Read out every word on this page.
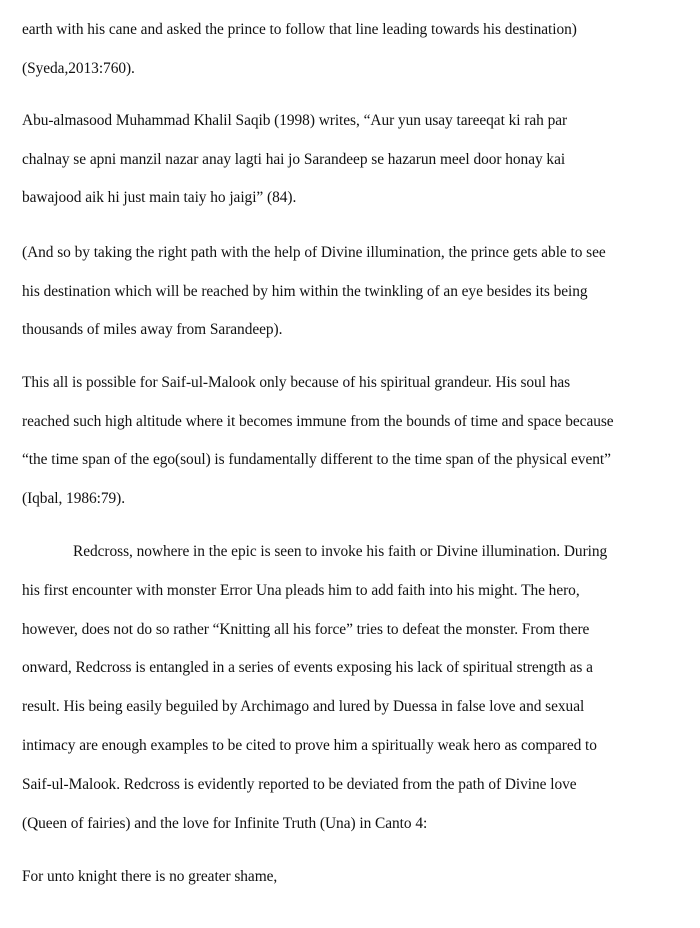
earth with his cane and asked the prince to follow that line leading towards his destination)
(Syeda,2013:760).
Abu-almasood Muhammad Khalil Saqib (1998) writes, “Aur yun usay tareeqat ki rah par
chalnay se apni manzil nazar anay lagti hai jo Sarandeep se hazarun meel door honay kai
bawajood aik hi just main taiy ho jaigi” (84).
(And so by taking the right path with the help of Divine illumination, the prince gets able to see
his destination which will be reached by him within the twinkling of an eye besides its being
thousands of miles away from Sarandeep).
This all is possible for Saif-ul-Malook only because of his spiritual grandeur. His soul has
reached such high altitude where it becomes immune from the bounds of time and space because
“the time span of the ego(soul) is fundamentally different to the time span of the physical event”
(Iqbal, 1986:79).
Redcross, nowhere in the epic is seen to invoke his faith or Divine illumination. During
his first encounter with monster Error Una pleads him to add faith into his might. The hero,
however, does not do so rather “Knitting all his force” tries to defeat the monster. From there
onward, Redcross is entangled in a series of events exposing his lack of spiritual strength as a
result. His being easily beguiled by Archimago and lured by Duessa in false love and sexual
intimacy are enough examples to be cited to prove him a spiritually weak hero as compared to
Saif-ul-Malook. Redcross is evidently reported to be deviated from the path of Divine love
(Queen of fairies) and the love for Infinite Truth (Una) in Canto 4:
For unto knight there is no greater shame,
